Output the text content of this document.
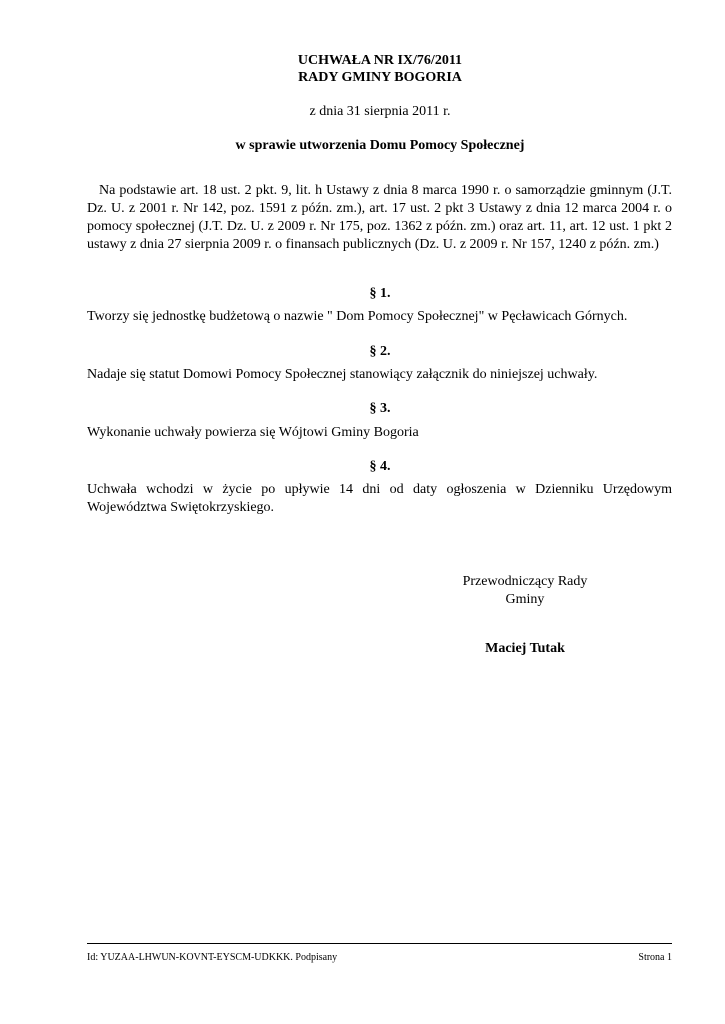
UCHWAŁA NR IX/76/2011
RADY GMINY BOGORIA
z dnia 31 sierpnia 2011 r.
w sprawie utworzenia Domu Pomocy Społecznej
Na podstawie art. 18 ust. 2 pkt. 9, lit. h Ustawy z dnia 8 marca 1990 r. o samorządzie gminnym (J.T. Dz. U. z 2001 r. Nr 142, poz. 1591 z późn. zm.), art. 17 ust. 2 pkt 3 Ustawy z dnia 12 marca 2004 r. o pomocy społecznej (J.T. Dz. U. z 2009 r. Nr 175, poz. 1362 z późn. zm.) oraz art. 11, art. 12 ust. 1 pkt 2 ustawy z dnia 27 sierpnia 2009 r. o finansach publicznych (Dz. U. z 2009 r. Nr 157, 1240 z późn. zm.)
§ 1.
Tworzy się jednostkę budżetową o nazwie " Dom Pomocy Społecznej" w Pęcławicach Górnych.
§ 2.
Nadaje się statut Domowi Pomocy Społecznej stanowiący załącznik do niniejszej uchwały.
§ 3.
Wykonanie uchwały powierza się Wójtowi Gminy Bogoria
§ 4.
Uchwała wchodzi w życie po upływie 14 dni od daty ogłoszenia w Dzienniku Urzędowym Województwa Swiętokrzyskiego.
Przewodniczący Rady
Gminy
Maciej Tutak
Id: YUZAA-LHWUN-KOVNT-EYSCM-UDKKK. Podpisany	Strona 1
